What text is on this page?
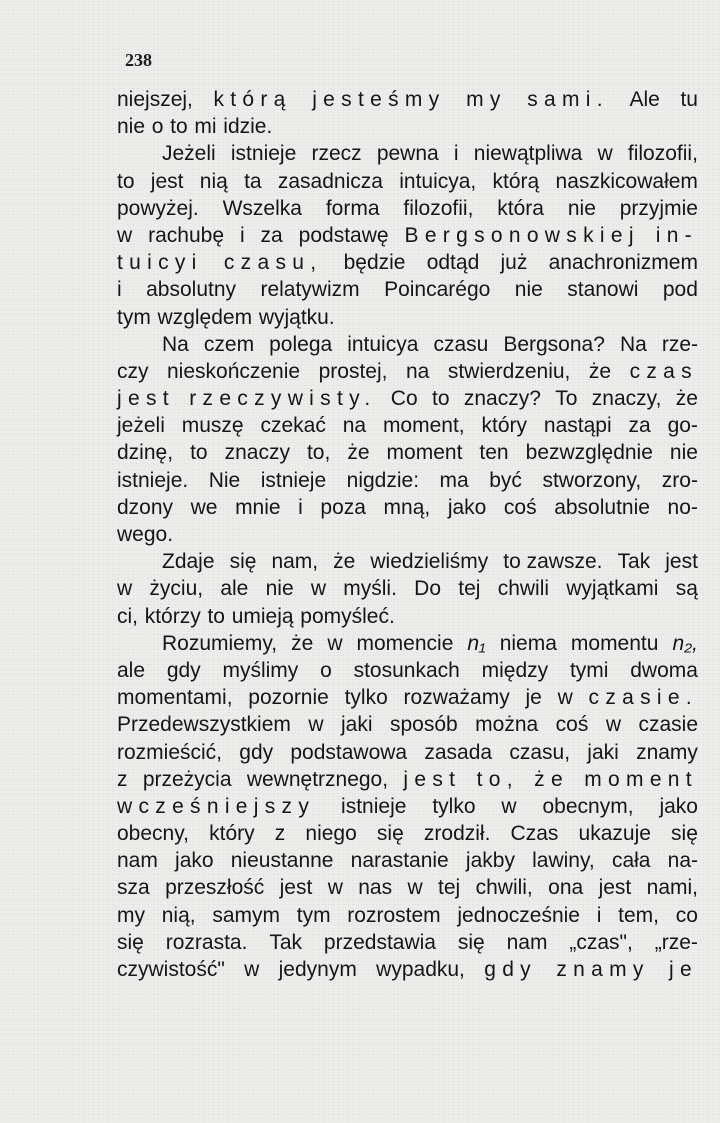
238
niejszej, którą jesteśmy my sami. Ale tu
nie o to mi idzie.
Jeżeli istnieje rzecz pewna i niewątpliwa w filozofii,
to jest nią ta zasadnicza intuicya, którą naszkicowałem
powyżej. Wszelka forma filozofii, która nie przyjmie
w rachubę i za podstawę Bergsonowskiej in-
tuicyi czasu, będzie odtąd już anachronizmem
i absolutny relatywizm Poincarégo nie stanowi pod
tym względem wyjątku.
Na czem polega intuicya czasu Bergsona? Na rze-
czy nieskończenie prostej, na stwierdzeniu, że czas
jest rzeczywisty. Co to znaczy? To znaczy, że
jeżeli muszę czekać na moment, który nastąpi za go-
dzinę, to znaczy to, że moment ten bezwzględnie nie
istnieje. Nie istnieje nigdzie: ma być stworzony, zro-
dzony we mnie i poza mną, jako coś absolutnie no-
wego.
Zdaje się nam, że wiedzieliśmy to zawsze. Tak jest
w życiu, ale nie w myśli. Do tej chwili wyjątkami są
ci, którzy to umieją pomyśleć.
Rozumiemy, że w momencie n₁ niema momentu n₂,
ale gdy myślimy o stosunkach między tymi dwoma
momentami, pozornie tylko rozważamy je w czasie.
Przedewszystkiem w jaki sposób można coś w czasie
rozmieścić, gdy podstawowa zasada czasu, jaki znamy
z przeżycia wewnętrznego, jest to, że moment
wcześniejszy istnieje tylko w obecnym, jako
obecny, który z niego się zrodził. Czas ukazuje się
nam jako nieustanne narastanie jakby lawiny, cała na-
sza przeszłość jest w nas w tej chwili, ona jest nami,
my nią, samym tym rozrostem jednocześnie i tem, co
się rozrasta. Tak przedstawia się nam „czas", „rze-
czywistość" w jedynym wypadku, gdy znamy je
